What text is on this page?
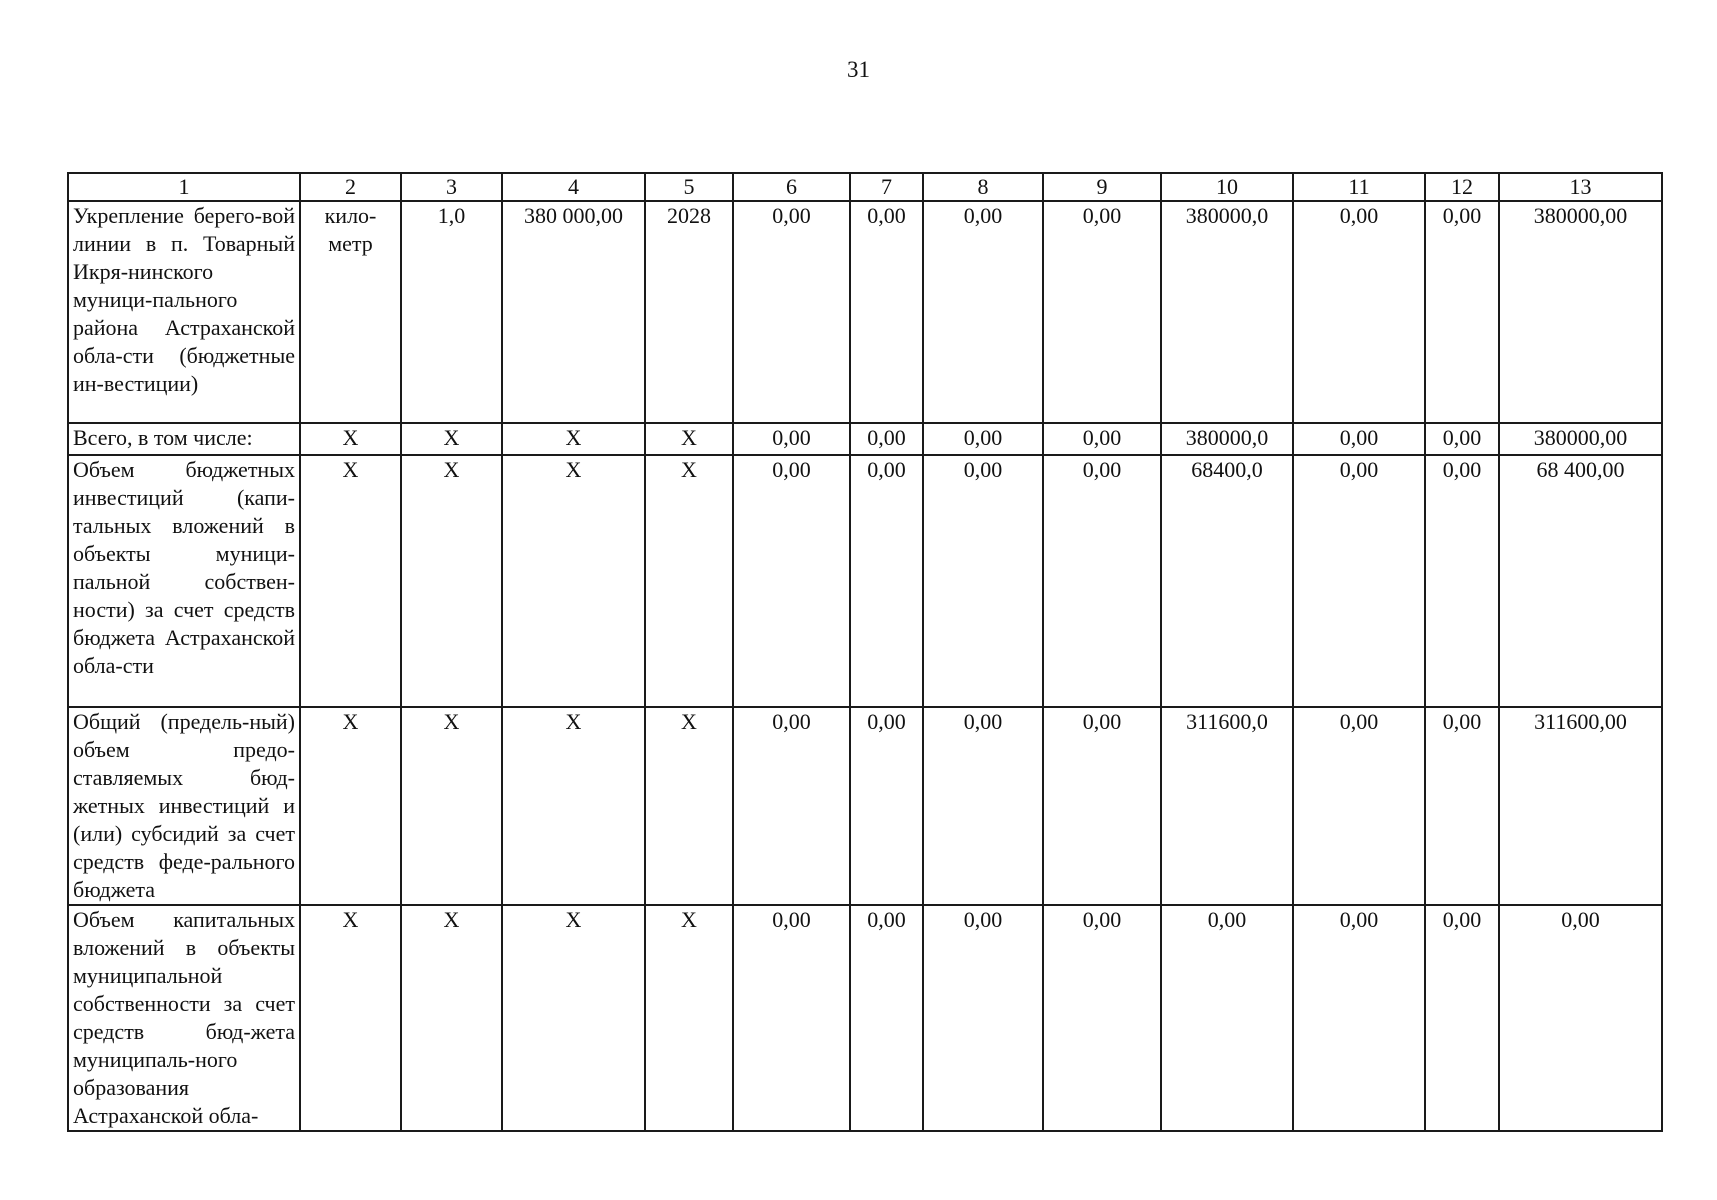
31
1	2	3	4	5	6	7	8	9	10	11	12	13
Укрепление берего-вой линии в п. Товарный Икря-нинского муници-пального района Астраханской обла-сти (бюджетные ин-вестиции)	кило-метр	1,0	380 000,00	2028	0,00	0,00	0,00	0,00	380000,0	0,00	0,00	380000,00
Всего, в том числе:	X	X	X	X	0,00	0,00	0,00	0,00	380000,0	0,00	0,00	380000,00
Объем бюджетных инвестиций (капи-тальных вложений в объекты муници-пальной собствен-ности) за счет средств бюджета Астраханской обла-сти	X	X	X	X	0,00	0,00	0,00	0,00	68400,0	0,00	0,00	68 400,00
Общий (предель-ный) объем предо-ставляемых бюд-жетных инвестиций и (или) субсидий за счет средств феде-рального бюджета	X	X	X	X	0,00	0,00	0,00	0,00	311600,0	0,00	0,00	311600,00
Объем капитальных вложений в объекты муниципальной собственности за счет средств бюд-жета муниципаль-ного образования Астраханской обла-	X	X	X	X	0,00	0,00	0,00	0,00	0,00	0,00	0,00	0,00
